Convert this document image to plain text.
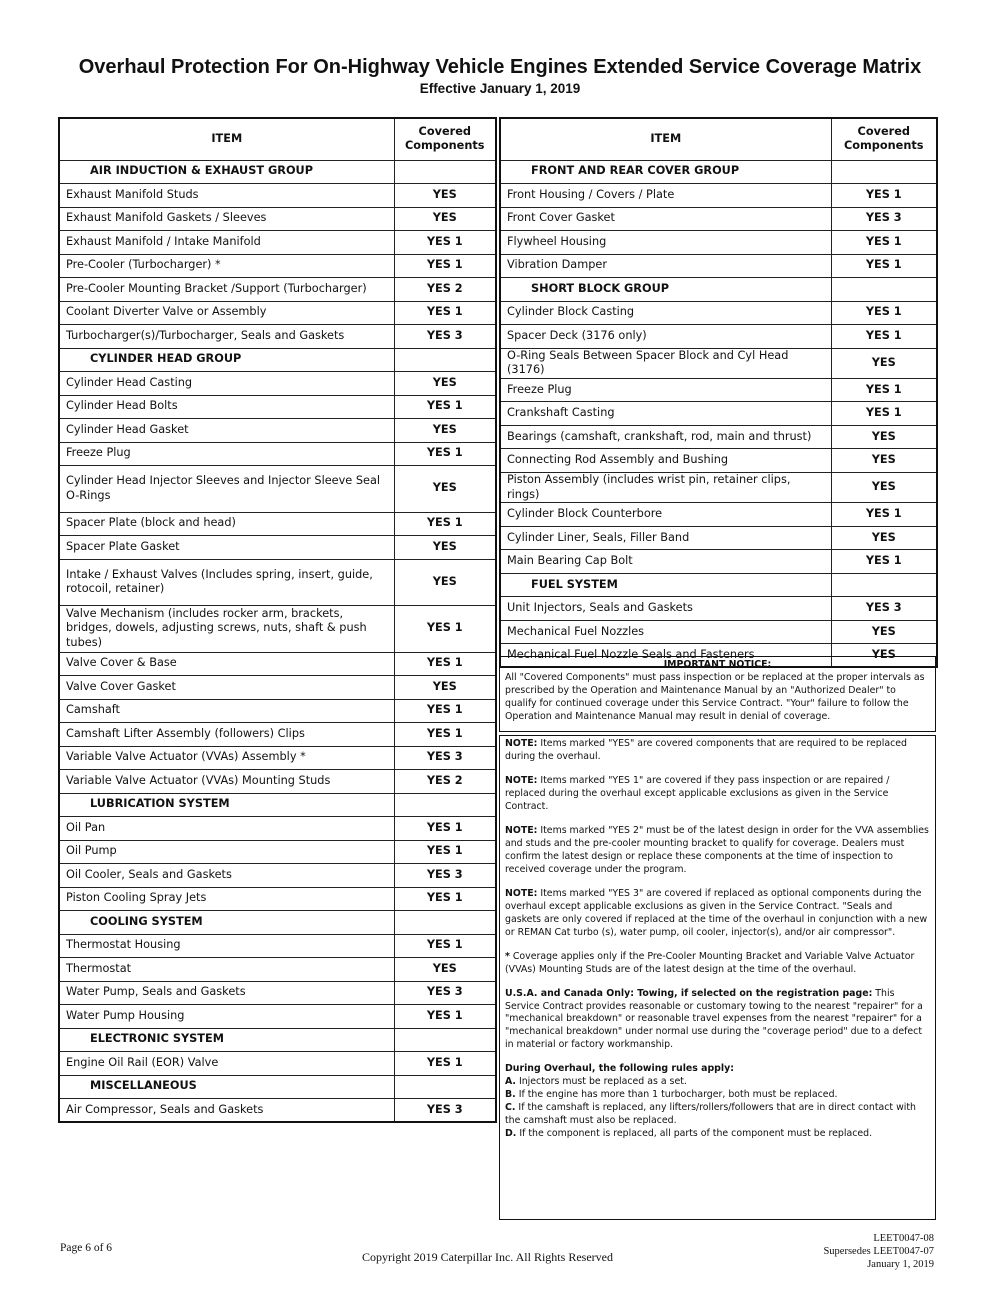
Overhaul Protection For On-Highway Vehicle Engines Extended Service Coverage Matrix

Effective January 1, 2019

ITEM	Covered Components
AIR INDUCTION & EXHAUST GROUP	
Exhaust Manifold Studs	YES
Exhaust Manifold Gaskets / Sleeves	YES
Exhaust Manifold / Intake Manifold	YES 1
Pre-Cooler (Turbocharger) *	YES 1
Pre-Cooler Mounting Bracket /Support (Turbocharger)	YES 2
Coolant Diverter Valve or Assembly	YES 1
Turbocharger(s)/Turbocharger, Seals and Gaskets	YES 3
CYLINDER HEAD GROUP	
Cylinder Head Casting	YES
Cylinder Head Bolts	YES 1
Cylinder Head Gasket	YES
Freeze Plug	YES 1
Cylinder Head Injector Sleeves and Injector Sleeve Seal O-Rings	YES
Spacer Plate (block and head)	YES 1
Spacer Plate Gasket	YES
Intake / Exhaust Valves (Includes spring, insert, guide, rotocoil, retainer)	YES
Valve Mechanism (includes rocker arm, brackets, bridges, dowels, adjusting screws, nuts, shaft & push tubes)	YES 1
Valve Cover & Base	YES 1
Valve Cover Gasket	YES
Camshaft	YES 1
Camshaft Lifter Assembly (followers) Clips	YES 1
Variable Valve Actuator (VVAs) Assembly *	YES 3
Variable Valve Actuator (VVAs) Mounting Studs	YES 2
LUBRICATION SYSTEM	
Oil Pan	YES 1
Oil Pump	YES 1
Oil Cooler, Seals and Gaskets	YES 3
Piston Cooling Spray Jets	YES 1
COOLING SYSTEM	
Thermostat Housing	YES 1
Thermostat	YES
Water Pump, Seals and Gaskets	YES 3
Water Pump Housing	YES 1
ELECTRONIC SYSTEM	
Engine Oil Rail (EOR) Valve	YES 1
MISCELLANEOUS	
Air Compressor, Seals and Gaskets	YES 3
ITEM	Covered Components
FRONT AND REAR COVER GROUP	
Front Housing / Covers / Plate	YES 1
Front Cover Gasket	YES 3
Flywheel Housing	YES 1
Vibration Damper	YES 1
SHORT BLOCK GROUP	
Cylinder Block Casting	YES 1
Spacer Deck (3176 only)	YES 1
O-Ring Seals Between Spacer Block and Cyl Head (3176)	YES
Freeze Plug	YES 1
Crankshaft Casting	YES 1
Bearings (camshaft, crankshaft, rod, main and thrust)	YES
Connecting Rod Assembly and Bushing	YES
Piston Assembly (includes wrist pin, retainer clips, rings)	YES
Cylinder Block Counterbore	YES 1
Cylinder Liner, Seals, Filler Band	YES
Main Bearing Cap Bolt	YES 1
FUEL SYSTEM	
Unit Injectors, Seals and Gaskets	YES 3
Mechanical Fuel Nozzles	YES
Mechanical Fuel Nozzle Seals and Fasteners	YES
IMPORTANT NOTICE:
All "Covered Components" must pass inspection or be replaced at the proper intervals as prescribed by the Operation and Maintenance Manual by an "Authorized Dealer" to qualify for continued coverage under this Service Contract. "Your" failure to follow the Operation and Maintenance Manual may result in denial of coverage.

NOTE: Items marked "YES" are covered components that are required to be replaced during the overhaul.

NOTE: Items marked "YES 1" are covered if they pass inspection or are repaired / replaced during the overhaul except applicable exclusions as given in the Service Contract.

NOTE: Items marked "YES 2" must be of the latest design in order for the VVA assemblies and studs and the pre-cooler mounting bracket to qualify for coverage. Dealers must confirm the latest design or replace these components at the time of inspection to received coverage under the program.

NOTE: Items marked "YES 3" are covered if replaced as optional components during the overhaul except applicable exclusions as given in the Service Contract. "Seals and gaskets are only covered if replaced at the time of the overhaul in conjunction with a new or REMAN Cat turbo (s), water pump, oil cooler, injector(s), and/or air compressor".

* Coverage applies only if the Pre-Cooler Mounting Bracket and Variable Valve Actuator (VVAs) Mounting Studs are of the latest design at the time of the overhaul.

U.S.A. and Canada Only: Towing, if selected on the registration page: This Service Contract provides reasonable or customary towing to the nearest "repairer" for a "mechanical breakdown" or reasonable travel expenses from the nearest "repairer" for a "mechanical breakdown" under normal use during the "coverage period" due to a defect in material or factory workmanship.

During Overhaul, the following rules apply:

A. Injectors must be replaced as a set.

B. If the engine has more than 1 turbocharger, both must be replaced.

C. If the camshaft is replaced, any lifters/rollers/followers that are in direct contact with the camshaft must also be replaced.

D. If the component is replaced, all parts of the component must be replaced.

Page 6 of 6
Copyright 2019 Caterpillar Inc. All Rights Reserved
LEET0047-08
Supersedes LEET0047-07
January 1, 2019
